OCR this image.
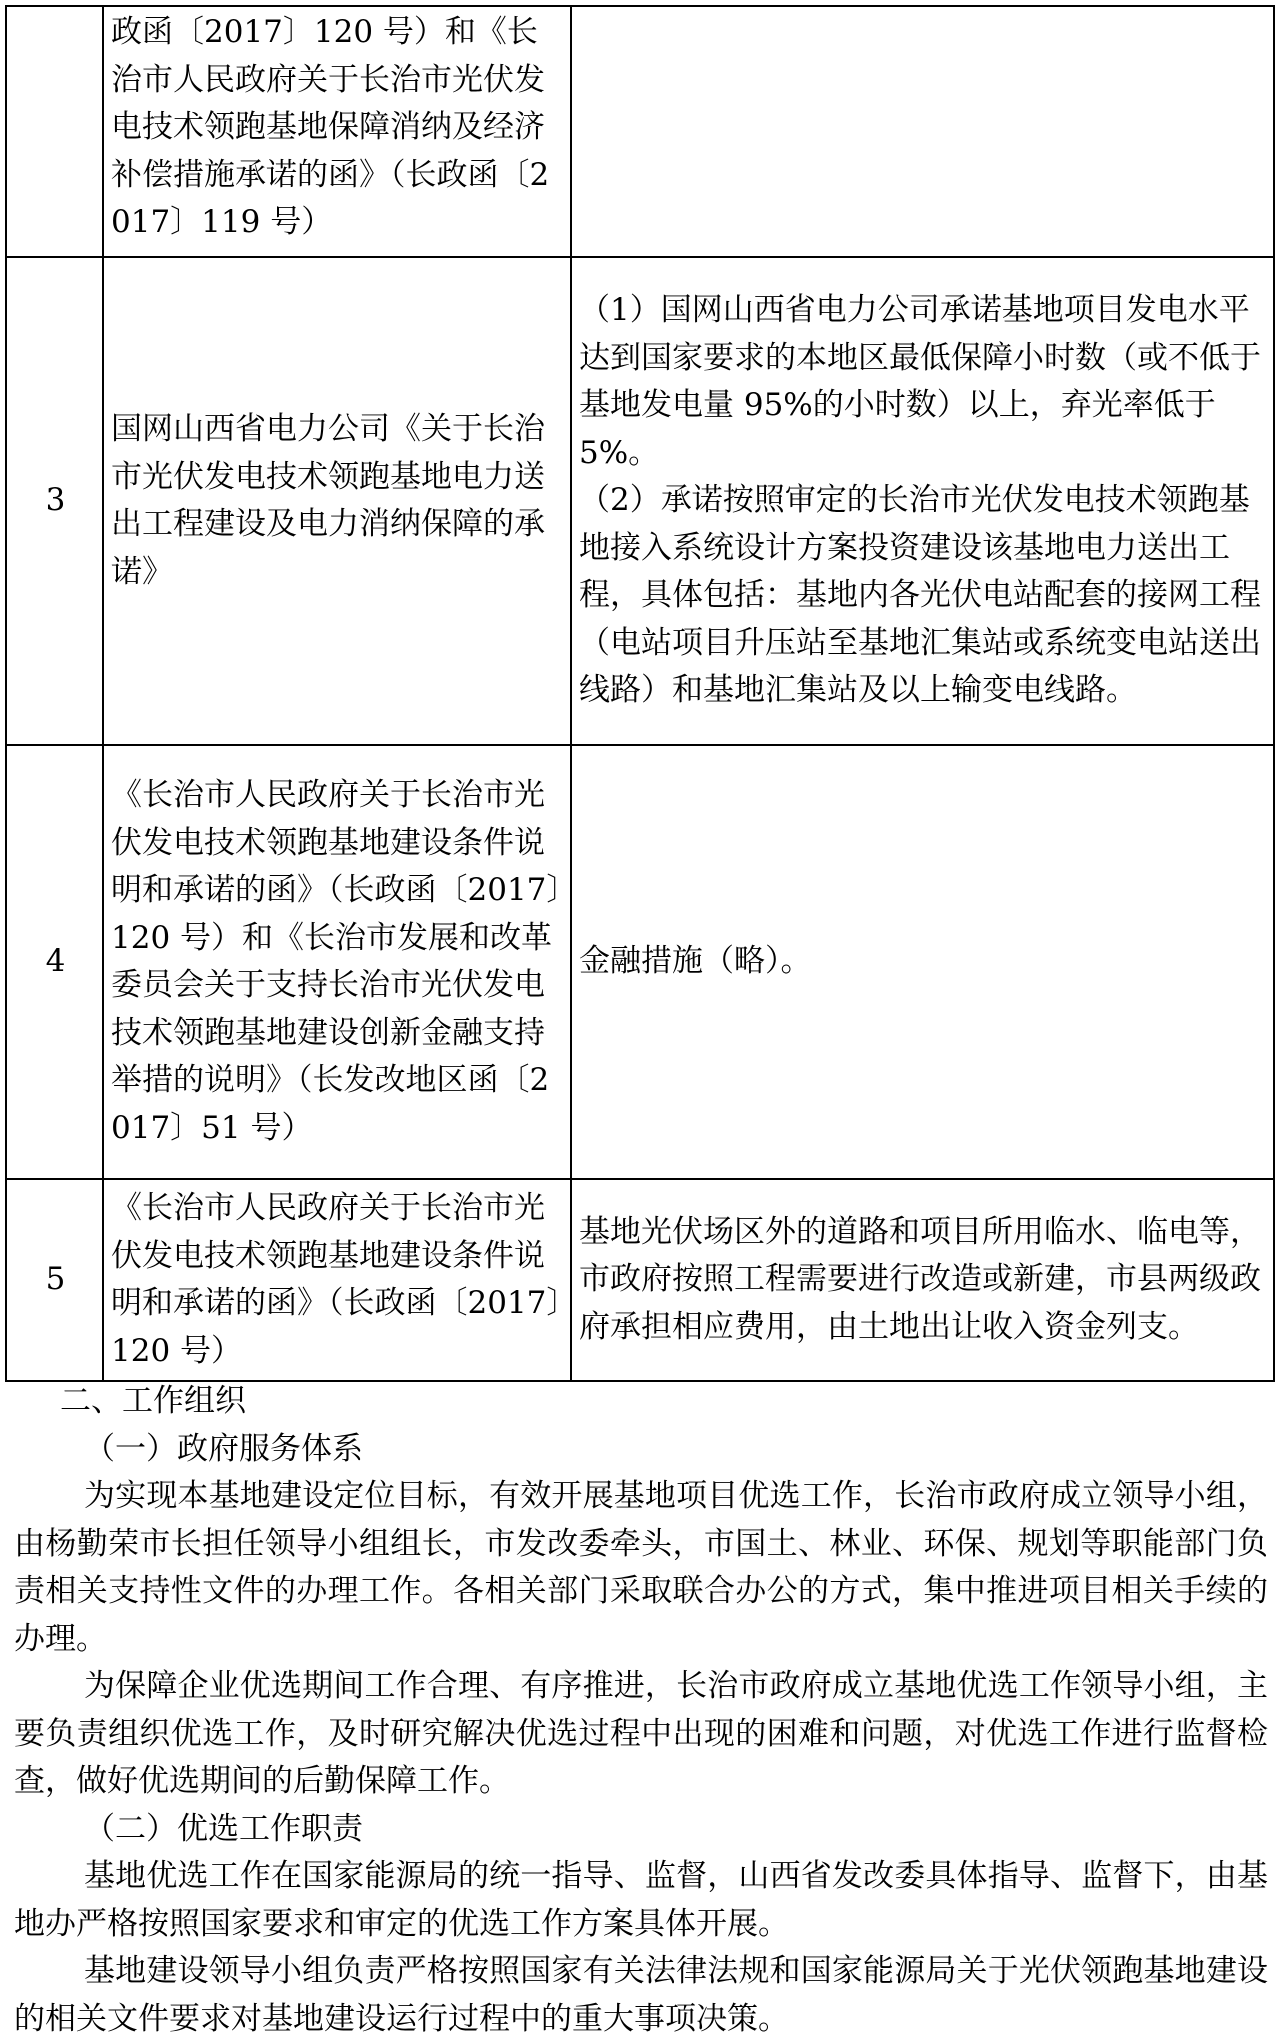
	政函〔2017〕120 号）和《长治市人民政府关于长治市光伏发电技术领跑基地保障消纳及经济补偿措施承诺的函》（长政函〔2017〕119 号）	
3	国网山西省电力公司《关于长治市光伏发电技术领跑基地电力送出工程建设及电力消纳保障的承诺》	（1）国网山西省电力公司承诺基地项目发电水平达到国家要求的本地区最低保障小时数（或不低于基地发电量 95%的小时数）以上，弃光率低于 5%。
（2）承诺按照审定的长治市光伏发电技术领跑基地接入系统设计方案投资建设该基地电力送出工程，具体包括：基地内各光伏电站配套的接网工程（电站项目升压站至基地汇集站或系统变电站送出线路）和基地汇集站及以上输变电线路。

4	《长治市人民政府关于长治市光伏发电技术领跑基地建设条件说明和承诺的函》（长政函〔2017〕120 号）和《长治市发展和改革委员会关于支持长治市光伏发电技术领跑基地建设创新金融支持举措的说明》（长发改地区函〔2017〕51 号）	金融措施（略）。

5	《长治市人民政府关于长治市光伏发电技术领跑基地建设条件说明和承诺的函》（长政函〔2017〕120 号）	基地光伏场区外的道路和项目所用临水、临电等，市政府按照工程需要进行改造或新建，市县两级政府承担相应费用，由土地出让收入资金列支。

二、工作组织

（一）政府服务体系

为实现本基地建设定位目标，有效开展基地项目优选工作，长治市政府成立领导小组，由杨勤荣市长担任领导小组组长，市发改委牵头，市国土、林业、环保、规划等职能部门负责相关支持性文件的办理工作。各相关部门采取联合办公的方式，集中推进项目相关手续的办理。

为保障企业优选期间工作合理、有序推进，长治市政府成立基地优选工作领导小组，主要负责组织优选工作，及时研究解决优选过程中出现的困难和问题，对优选工作进行监督检查，做好优选期间的后勤保障工作。

（二）优选工作职责

基地优选工作在国家能源局的统一指导、监督，山西省发改委具体指导、监督下，由基地办严格按照国家要求和审定的优选工作方案具体开展。

基地建设领导小组负责严格按照国家有关法律法规和国家能源局关于光伏领跑基地建设的相关文件要求对基地建设运行过程中的重大事项决策。
